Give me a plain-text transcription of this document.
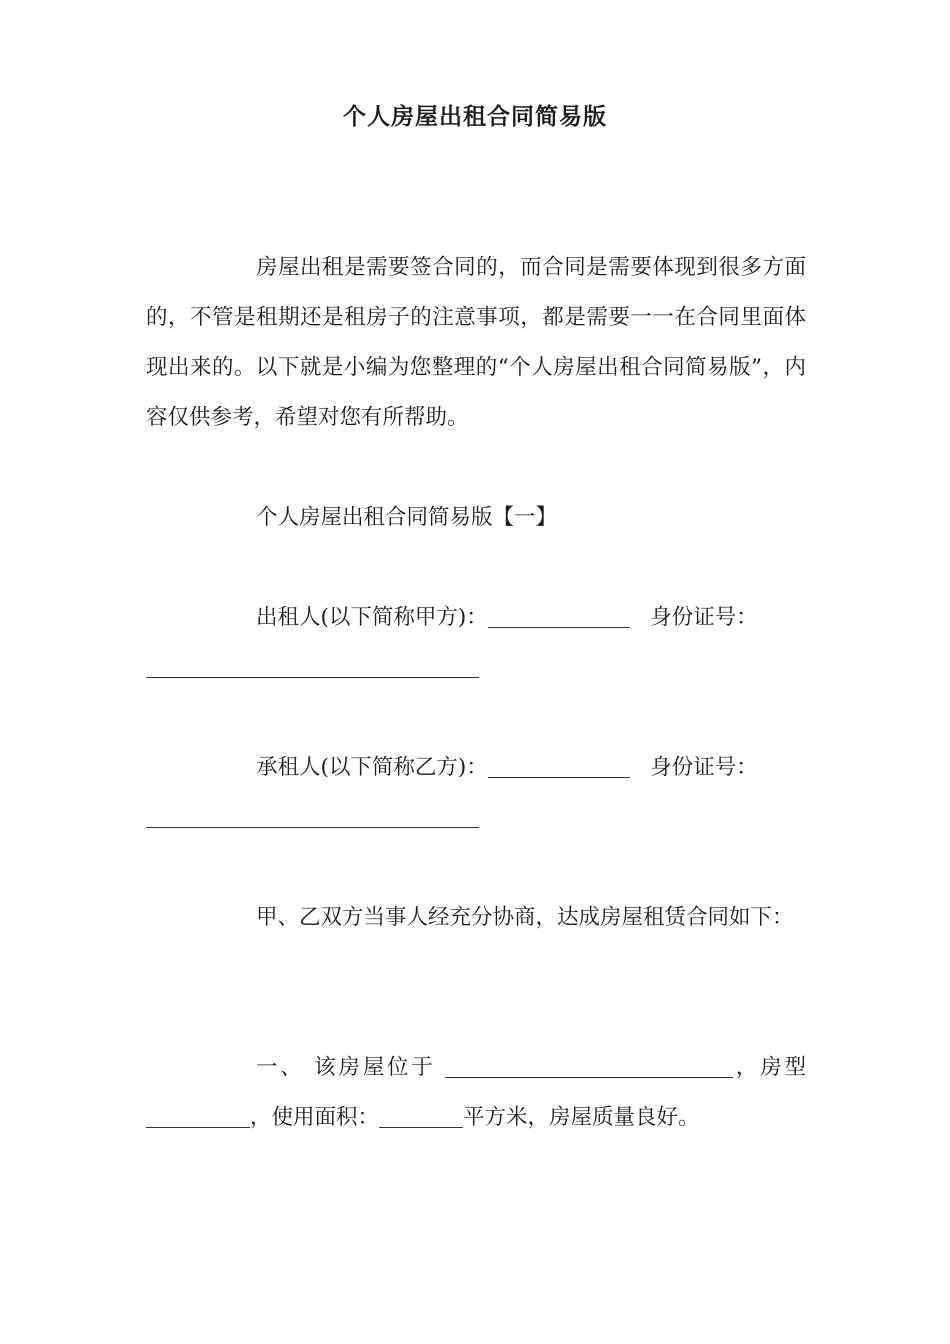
个人房屋出租合同简易版

房屋出租是需要签合同的，而合同是需要体现到很多方面的，不管是租期还是租房子的注意事项，都是需要一一在合同里面体现出来的。以下就是小编为您整理的“个人房屋出租合同简易版”，内容仅供参考，希望对您有所帮助。

个人房屋出租合同简易版【一】

出租人(以下简称甲方)：	身份证号：

承租人(以下简称乙方)：	身份证号：

甲、乙双方当事人经充分协商，达成房屋租赁合同如下：

一、 该房屋位于	，房型，使用面积：	平方米，房屋质量良好。
